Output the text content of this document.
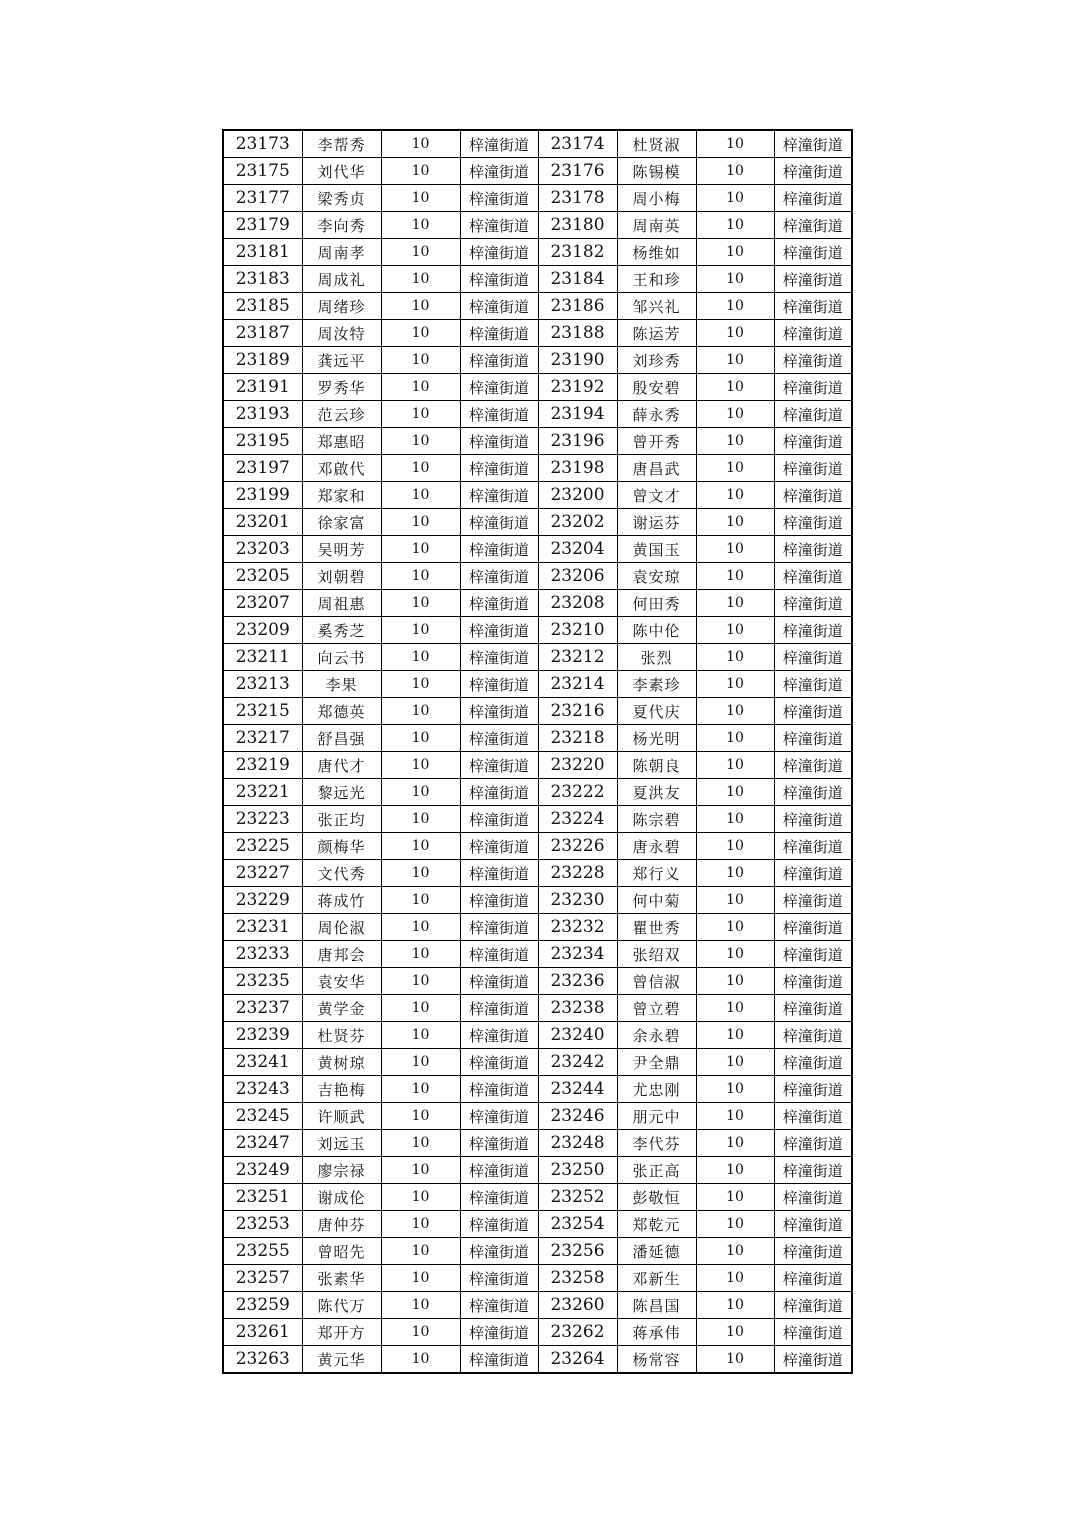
23173	李帮秀	10	梓潼街道	23174	杜贤淑	10	梓潼街道
23175	刘代华	10	梓潼街道	23176	陈锡模	10	梓潼街道
23177	梁秀贞	10	梓潼街道	23178	周小梅	10	梓潼街道
23179	李向秀	10	梓潼街道	23180	周南英	10	梓潼街道
23181	周南孝	10	梓潼街道	23182	杨维如	10	梓潼街道
23183	周成礼	10	梓潼街道	23184	王和珍	10	梓潼街道
23185	周绪珍	10	梓潼街道	23186	邹兴礼	10	梓潼街道
23187	周汝特	10	梓潼街道	23188	陈运芳	10	梓潼街道
23189	龚远平	10	梓潼街道	23190	刘珍秀	10	梓潼街道
23191	罗秀华	10	梓潼街道	23192	殷安碧	10	梓潼街道
23193	范云珍	10	梓潼街道	23194	薛永秀	10	梓潼街道
23195	郑惠昭	10	梓潼街道	23196	曾开秀	10	梓潼街道
23197	邓啟代	10	梓潼街道	23198	唐昌武	10	梓潼街道
23199	郑家和	10	梓潼街道	23200	曾文才	10	梓潼街道
23201	徐家富	10	梓潼街道	23202	谢运芬	10	梓潼街道
23203	吴明芳	10	梓潼街道	23204	黄国玉	10	梓潼街道
23205	刘朝碧	10	梓潼街道	23206	袁安琼	10	梓潼街道
23207	周祖惠	10	梓潼街道	23208	何田秀	10	梓潼街道
23209	奚秀芝	10	梓潼街道	23210	陈中伦	10	梓潼街道
23211	向云书	10	梓潼街道	23212	张烈	10	梓潼街道
23213	李果	10	梓潼街道	23214	李素珍	10	梓潼街道
23215	郑德英	10	梓潼街道	23216	夏代庆	10	梓潼街道
23217	舒昌强	10	梓潼街道	23218	杨光明	10	梓潼街道
23219	唐代才	10	梓潼街道	23220	陈朝良	10	梓潼街道
23221	黎远光	10	梓潼街道	23222	夏洪友	10	梓潼街道
23223	张正均	10	梓潼街道	23224	陈宗碧	10	梓潼街道
23225	颜梅华	10	梓潼街道	23226	唐永碧	10	梓潼街道
23227	文代秀	10	梓潼街道	23228	郑行义	10	梓潼街道
23229	蒋成竹	10	梓潼街道	23230	何中菊	10	梓潼街道
23231	周伦淑	10	梓潼街道	23232	瞿世秀	10	梓潼街道
23233	唐邦会	10	梓潼街道	23234	张绍双	10	梓潼街道
23235	袁安华	10	梓潼街道	23236	曾信淑	10	梓潼街道
23237	黄学金	10	梓潼街道	23238	曾立碧	10	梓潼街道
23239	杜贤芬	10	梓潼街道	23240	余永碧	10	梓潼街道
23241	黄树琼	10	梓潼街道	23242	尹全鼎	10	梓潼街道
23243	吉艳梅	10	梓潼街道	23244	尤忠刚	10	梓潼街道
23245	许顺武	10	梓潼街道	23246	朋元中	10	梓潼街道
23247	刘远玉	10	梓潼街道	23248	李代芬	10	梓潼街道
23249	廖宗禄	10	梓潼街道	23250	张正高	10	梓潼街道
23251	谢成伦	10	梓潼街道	23252	彭敬恒	10	梓潼街道
23253	唐仲芬	10	梓潼街道	23254	郑乾元	10	梓潼街道
23255	曾昭先	10	梓潼街道	23256	潘延德	10	梓潼街道
23257	张素华	10	梓潼街道	23258	邓新生	10	梓潼街道
23259	陈代万	10	梓潼街道	23260	陈昌国	10	梓潼街道
23261	郑开方	10	梓潼街道	23262	蒋承伟	10	梓潼街道
23263	黄元华	10	梓潼街道	23264	杨常容	10	梓潼街道
